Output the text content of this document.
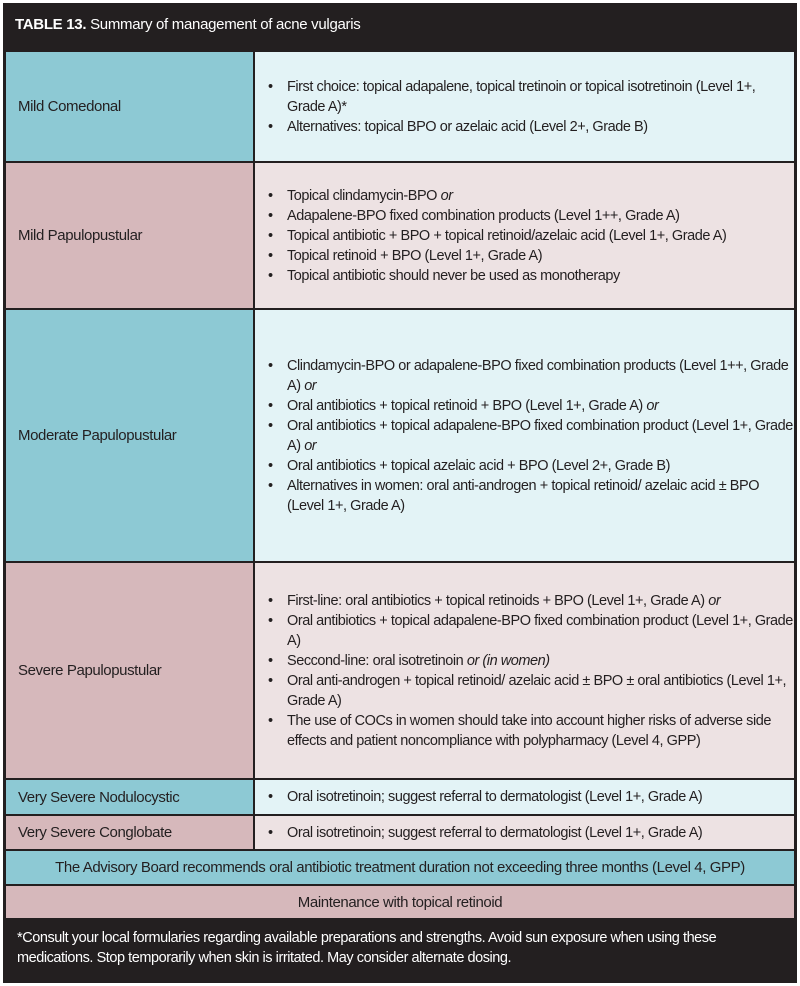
TABLE 13. Summary of management of acne vulgaris
Mild Comedonal
• First choice: topical adapalene, topical tretinoin or topical isotretinoin (Level 1+, Grade A)*
• Alternatives: topical BPO or azelaic acid (Level 2+, Grade B)
Mild Papulopustular
• Topical clindamycin-BPO or
• Adapalene-BPO fixed combination products (Level 1++, Grade A)
• Topical antibiotic + BPO + topical retinoid/azelaic acid (Level 1+, Grade A)
• Topical retinoid + BPO (Level 1+, Grade A)
• Topical antibiotic should never be used as monotherapy
Moderate Papulopustular
• Clindamycin-BPO or adapalene-BPO fixed combination products (Level 1++, Grade A) or
• Oral antibiotics + topical retinoid + BPO (Level 1+, Grade A) or
• Oral antibiotics + topical adapalene-BPO fixed combination product (Level 1+, Grade A) or
• Oral antibiotics + topical azelaic acid + BPO (Level 2+, Grade B)
• Alternatives in women: oral anti-androgen + topical retinoid/ azelaic acid ± BPO (Level 1+, Grade A)
Severe Papulopustular
• First-line: oral antibiotics + topical retinoids + BPO (Level 1+, Grade A) or
• Oral antibiotics + topical adapalene-BPO fixed combination product (Level 1+, Grade A)
• Seccond-line: oral isotretinoin or (in women)
• Oral anti-androgen + topical retinoid/ azelaic acid ± BPO ± oral antibiotics (Level 1+, Grade A)
• The use of COCs in women should take into account higher risks of adverse side effects and patient noncompliance with polypharmacy (Level 4, GPP)
Very Severe Nodulocystic	• Oral isotretinoin; suggest referral to dermatologist (Level 1+, Grade A)
Very Severe Conglobate	• Oral isotretinoin; suggest referral to dermatologist (Level 1+, Grade A)
The Advisory Board recommends oral antibiotic treatment duration not exceeding three months (Level 4, GPP)
Maintenance with topical retinoid
*Consult your local formularies regarding available preparations and strengths. Avoid sun exposure when using these medications. Stop temporarily when skin is irritated. May consider alternate dosing.
